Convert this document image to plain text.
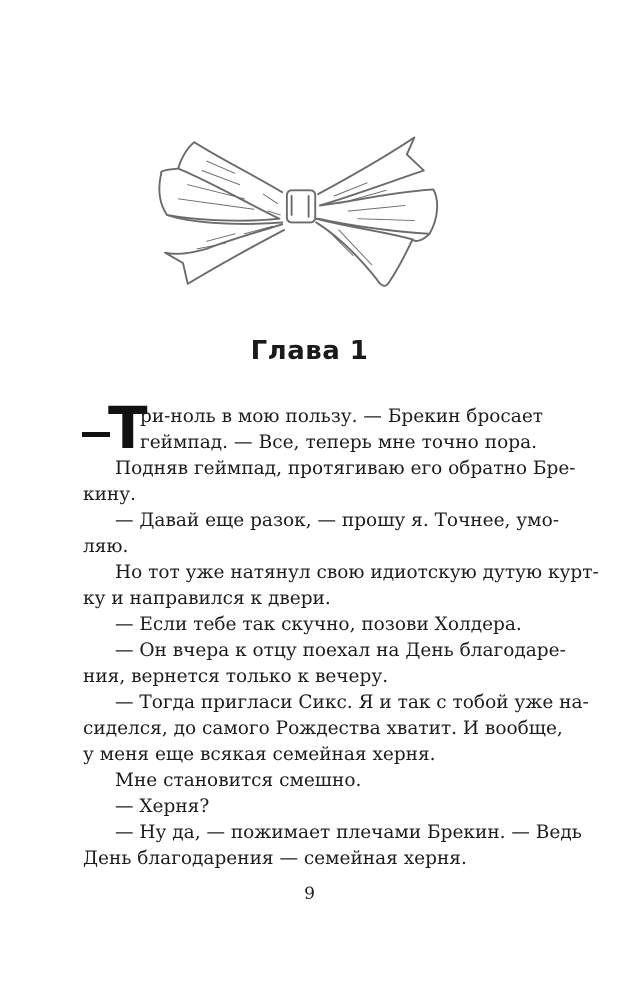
Глава 1
Т
ри-ноль в мою пользу. — Брекин бросает
геймпад. — Все, теперь мне точно пора.
Подняв геймпад, протягиваю его обратно Бре-
кину.
— Давай еще разок, — прошу я. Точнее, умо-
ляю.
Но тот уже натянул свою идиотскую дутую курт-
ку и направился к двери.
— Если тебе так скучно, позови Холдера.
— Он вчера к отцу поехал на День благодаре-
ния, вернется только к вечеру.
— Тогда пригласи Сикс. Я и так с тобой уже на-
сиделся, до самого Рождества хватит. И вообще,
у меня еще всякая семейная херня.
Мне становится смешно.
— Херня?
— Ну да, — пожимает плечами Брекин. — Ведь
День благодарения — семейная херня.
9
